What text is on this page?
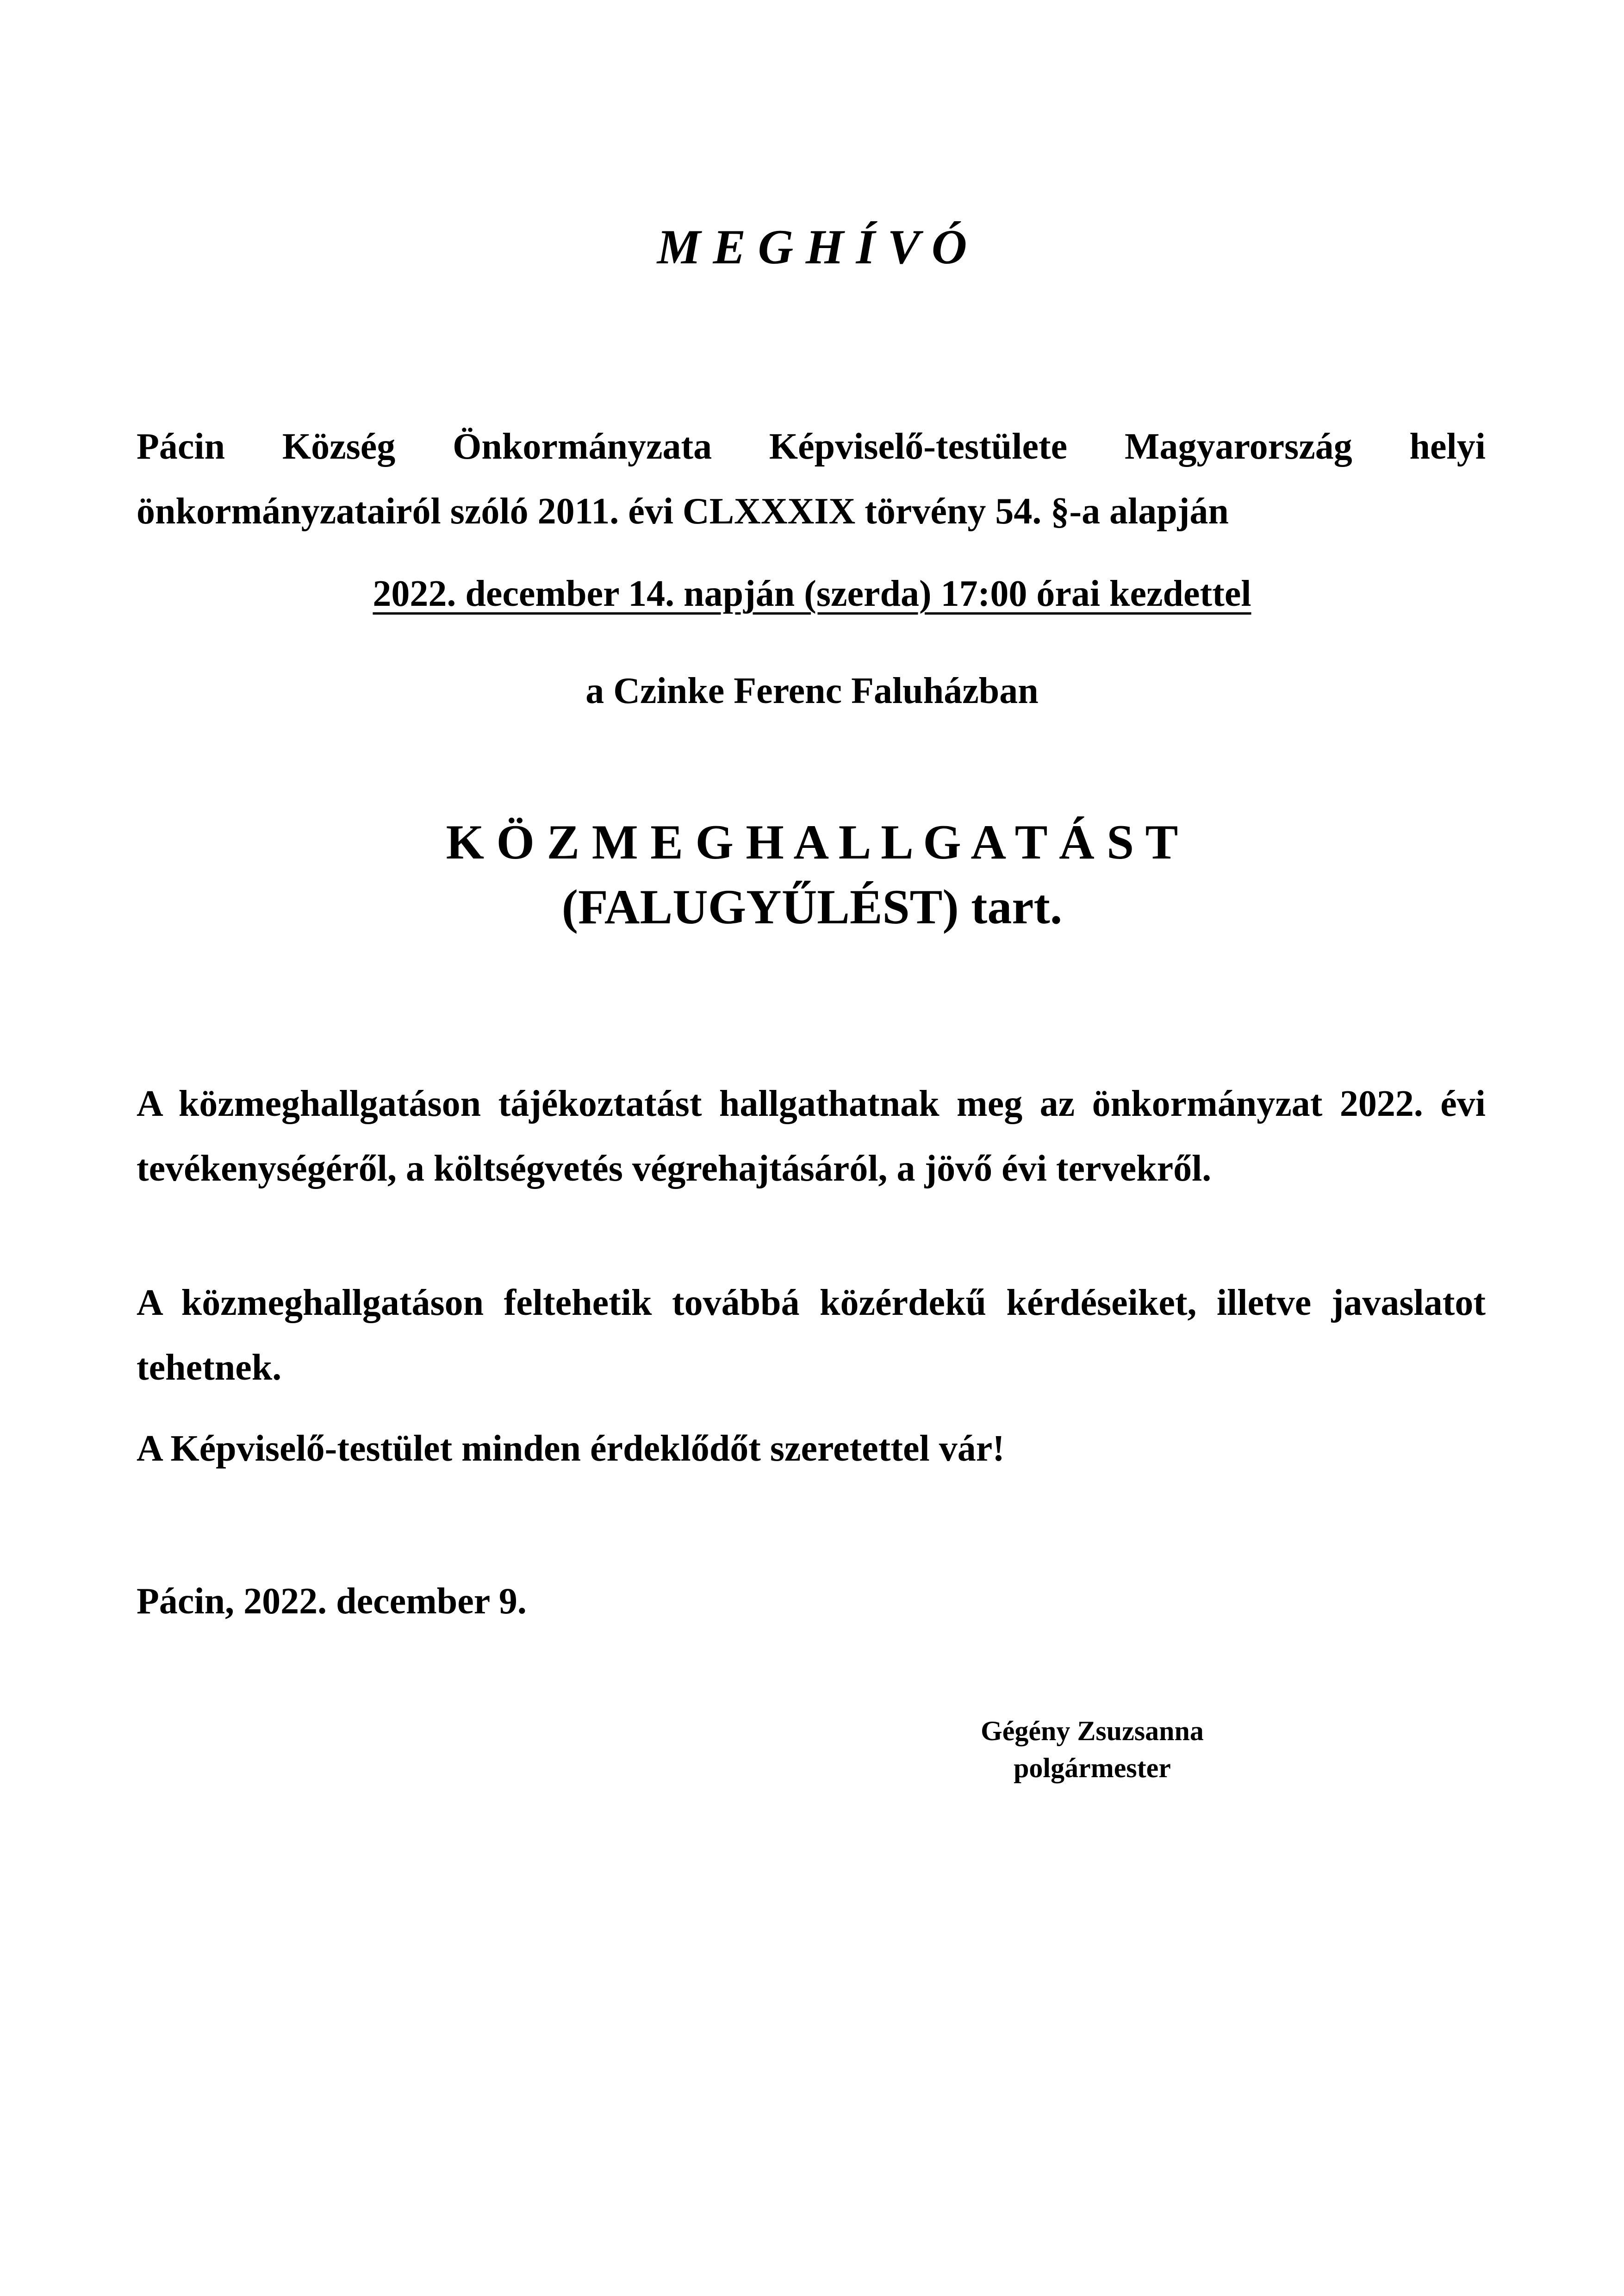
M E G H Í V Ó
Pácin Község Önkormányzata Képviselő-testülete Magyarország helyi önkormányzatairól szóló 2011. évi CLXXXIX törvény 54. §-a alapján
2022. december 14. napján (szerda) 17:00 órai kezdettel
a Czinke Ferenc Faluházban
K Ö Z M E G H A L L G A T Á S T
(FALUGYŰLÉST) tart.
A közmeghallgatáson tájékoztatást hallgathatnak meg az önkormányzat 2022. évi tevékenységéről, a költségvetés végrehajtásáról, a jövő évi tervekről.
A közmeghallgatáson feltehetik továbbá közérdekű kérdéseiket, illetve javaslatot tehetnek.
A Képviselő-testület minden érdeklődőt szeretettel vár!
Pácin, 2022. december 9.
Gégény Zsuzsanna
polgármester
